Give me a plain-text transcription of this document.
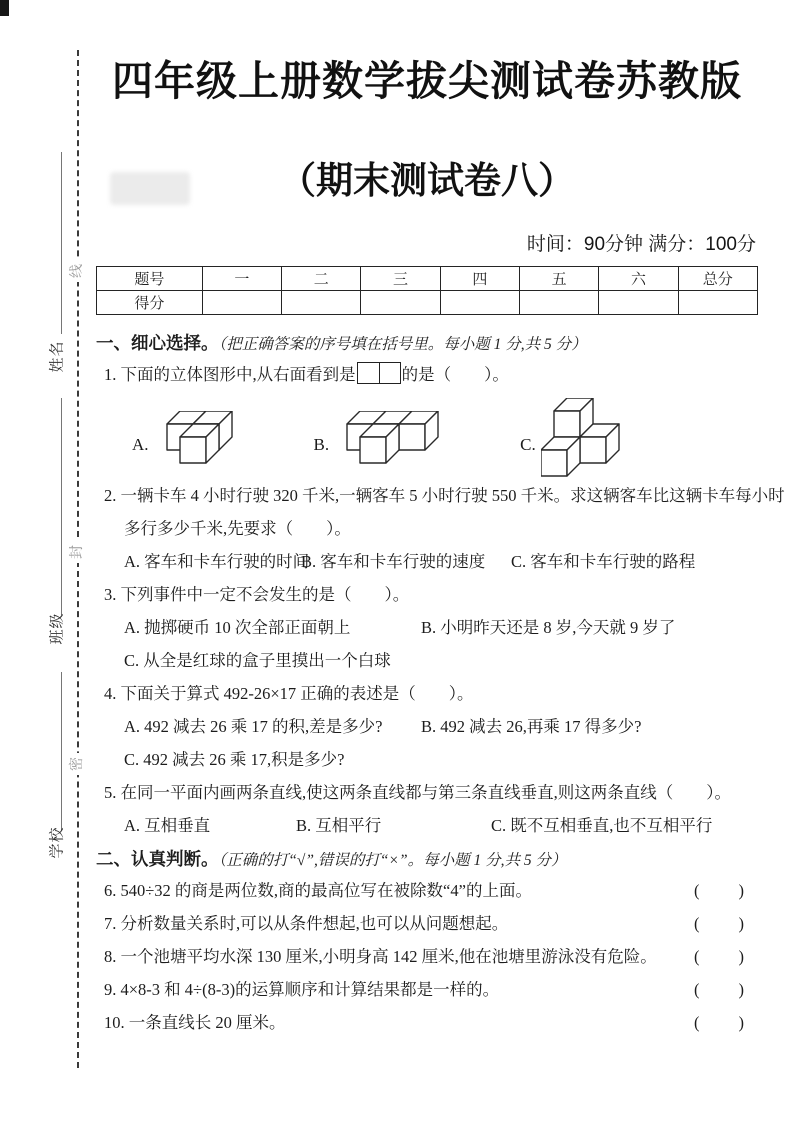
线
封
密
姓名
班级
学校
四年级上册数学拔尖测试卷苏教版
（期末测试卷八）
时间：90分钟 满分：100分
题号	一	二	三	四	五	六	总分
得分							
一、细心选择。（把正确答案的序号填在括号里。每小题 1 分,共 5 分）
1. 下面的立体图形中,从右面看到是	的是（　　）。
A.	B.	C.
2. 一辆卡车 4 小时行驶 320 千米,一辆客车 5 小时行驶 550 千米。求这辆客车比这辆卡车每小时
多行多少千米,先要求（　　）。
A. 客车和卡车行驶的时间
B. 客车和卡车行驶的速度	C. 客车和卡车行驶的路程
3. 下列事件中一定不会发生的是（　　）。
A. 抛掷硬币 10 次全部正面朝上	B. 小明昨天还是 8 岁,今天就 9 岁了
C. 从全是红球的盒子里摸出一个白球
4. 下面关于算式 492-26×17 正确的表述是（　　）。
A. 492 减去 26 乘 17 的积,差是多少?	B. 492 减去 26,再乘 17 得多少?
C. 492 减去 26 乘 17,积是多少?
5. 在同一平面内画两条直线,使这两条直线都与第三条直线垂直,则这两条直线（　　）。
A. 互相垂直	B. 互相平行	C. 既不互相垂直,也不互相平行
二、认真判断。（正确的打“√”,错误的打“×”。每小题 1 分,共 5 分）
6. 540÷32 的商是两位数,商的最高位写在被除数“4”的上面。	(　　)
7. 分析数量关系时,可以从条件想起,也可以从问题想起。	(　　)
8. 一个池塘平均水深 130 厘米,小明身高 142 厘米,他在池塘里游泳没有危险。 (　　)
9. 4×8-3 和 4÷(8-3)的运算顺序和计算结果都是一样的。	(　　)
10. 一条直线长 20 厘米。	(　　)
